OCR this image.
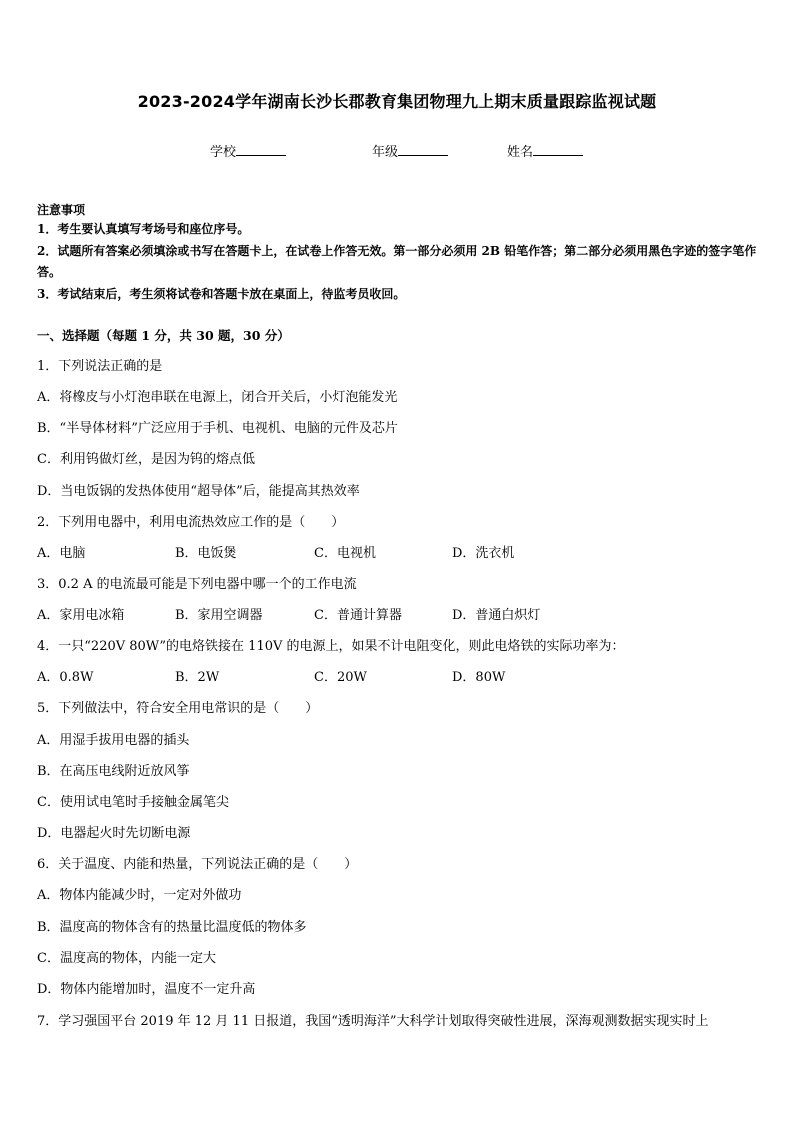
2023-2024学年湖南长沙长郡教育集团物理九上期末质量跟踪监视试题
学校	年级	姓名
注意事项
1．考生要认真填写考场号和座位序号。
2．试题所有答案必须填涂或书写在答题卡上，在试卷上作答无效。第一部分必须用 2B 铅笔作答；第二部分必须用黑色字迹的签字笔作答。
3．考试结束后，考生须将试卷和答题卡放在桌面上，待监考员收回。
一、选择题（每题 1 分，共 30 题，30 分）
1．下列说法正确的是
A．将橡皮与小灯泡串联在电源上，闭合开关后，小灯泡能发光
B．“半导体材料”广泛应用于手机、电视机、电脑的元件及芯片
C．利用钨做灯丝，是因为钨的熔点低
D．当电饭锅的发热体使用“超导体”后，能提高其热效率
2．下列用电器中，利用电流热效应工作的是（　　）
A．电脑	B．电饭煲	C．电视机	D．洗衣机
3．0.2 A 的电流最可能是下列电器中哪一个的工作电流
A．家用电冰箱	B．家用空调器	C．普通计算器	D．普通白炽灯
4．一只“220V 80W”的电烙铁接在 110V 的电源上，如果不计电阻变化，则此电烙铁的实际功率为：
A．0.8W	B．2W	C．20W	D．80W
5．下列做法中，符合安全用电常识的是（　　）
A．用湿手拔用电器的插头
B．在高压电线附近放风筝
C．使用试电笔时手接触金属笔尖
D．电器起火时先切断电源
6．关于温度、内能和热量，下列说法正确的是（　　）
A．物体内能减少时，一定对外做功
B．温度高的物体含有的热量比温度低的物体多
C．温度高的物体，内能一定大
D．物体内能增加时，温度不一定升高
7．学习强国平台 2019 年 12 月 11 日报道，我国“透明海洋”大科学计划取得突破性进展，深海观测数据实现实时上
